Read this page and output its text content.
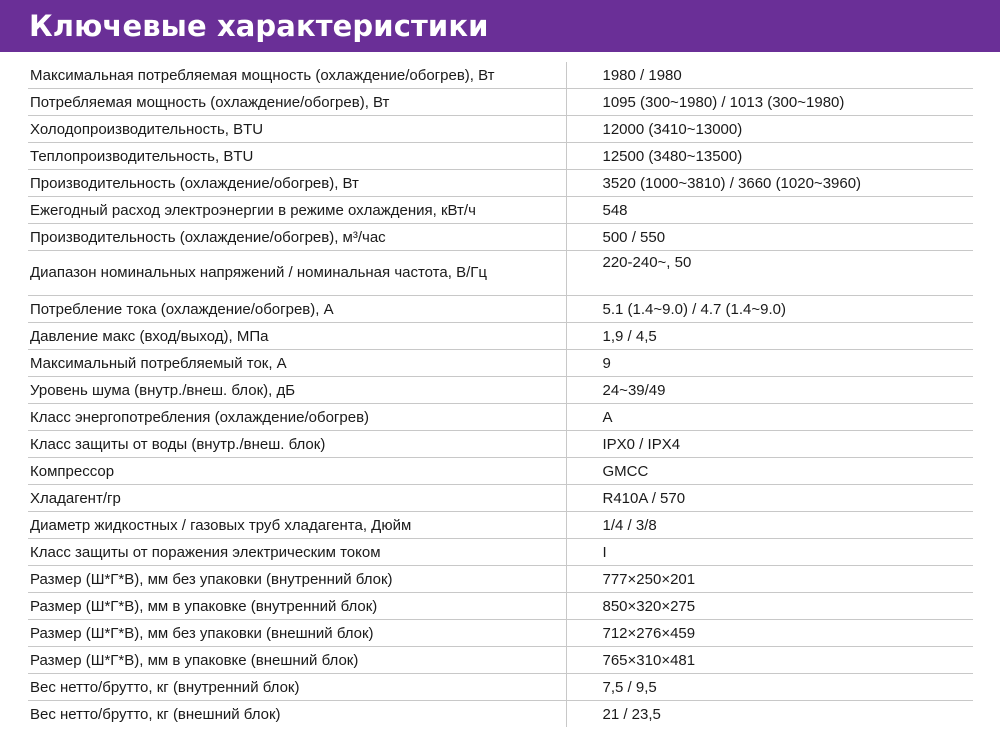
Ключевые характеристики
Максимальная потребляемая мощность (охлаждение/обогрев), Вт	1980 / 1980
Потребляемая мощность (охлаждение/обогрев), Вт	1095 (300~1980) / 1013 (300~1980)
Холодопроизводительность, BTU	12000 (3410~13000)
Теплопроизводительность, BTU	12500 (3480~13500)
Производительность (охлаждение/обогрев), Вт	3520 (1000~3810) / 3660 (1020~3960)
Ежегодный расход электроэнергии в режиме охлаждения, кВт/ч	548
Производительность (охлаждение/обогрев), м³/час	500 / 550
Диапазон номинальных напряжений / номинальная частота, В/Гц	220-240~, 50
Потребление тока (охлаждение/обогрев), А	5.1 (1.4~9.0) / 4.7 (1.4~9.0)
Давление макс (вход/выход), МПа	1,9 / 4,5
Максимальный потребляемый ток, А	9
Уровень шума (внутр./внеш. блок), дБ	24~39/49
Класс энергопотребления (охлаждение/обогрев)	A
Класс защиты от воды (внутр./внеш. блок)	IPX0 / IPX4
Компрессор	GMCC
Хладагент/гр	R410A / 570
Диаметр жидкостных / газовых труб хладагента, Дюйм	1/4 / 3/8
Класс защиты от поражения электрическим током	I
Размер (Ш*Г*В), мм без упаковки (внутренний блок)	777×250×201
Размер (Ш*Г*В), мм в упаковке (внутренний блок)	850×320×275
Размер (Ш*Г*В), мм без упаковки (внешний блок)	712×276×459
Размер (Ш*Г*В), мм в упаковке (внешний блок)	765×310×481
Вес нетто/брутто, кг (внутренний блок)	7,5 / 9,5
Вес нетто/брутто, кг (внешний блок)	21 / 23,5
